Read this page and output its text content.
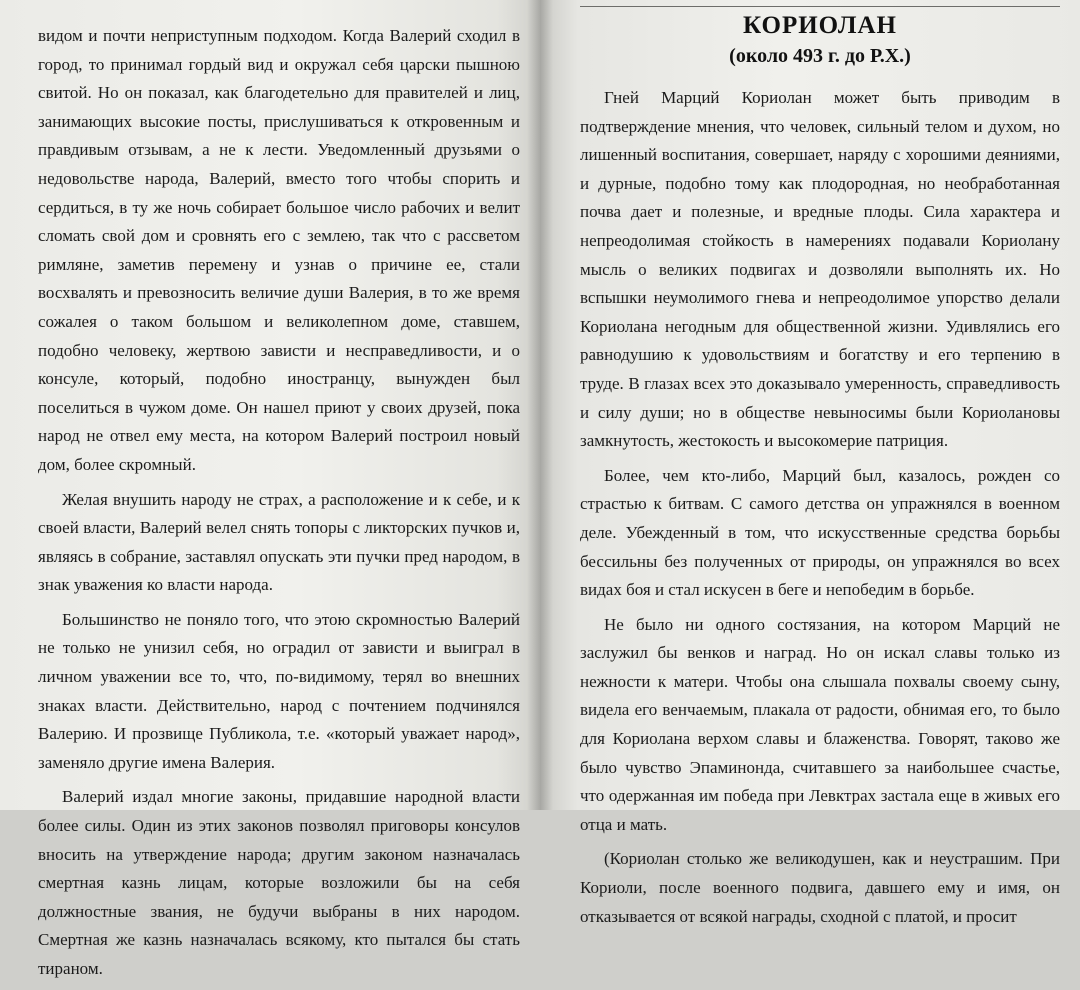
видом и почти неприступным подходом. Когда Валерий сходил в город, то принимал гордый вид и окружал себя царски пышною свитой. Но он показал, как благодетельно для правителей и лиц, занимающих высокие посты, прислушиваться к откровенным и правдивым отзывам, а не к лести. Уведомленный друзьями о недовольстве народа, Валерий, вместо того чтобы спорить и сердиться, в ту же ночь собирает большое число рабочих и велит сломать свой дом и сровнять его с землею, так что с рассветом римляне, заметив перемену и узнав о причине ее, стали восхвалять и превозносить величие души Валерия, в то же время сожалея о таком большом и великолепном доме, ставшем, подобно человеку, жертвою зависти и несправедливости, и о консуле, который, подобно иностранцу, вынужден был поселиться в чужом доме. Он нашел приют у своих друзей, пока народ не отвел ему места, на котором Валерий построил новый дом, более скромный.

Желая внушить народу не страх, а расположение и к себе, и к своей власти, Валерий велел снять топоры с ликторских пучков и, являясь в собрание, заставлял опускать эти пучки пред народом, в знак уважения ко власти народа.

Большинство не поняло того, что этою скромностью Валерий не только не унизил себя, но оградил от зависти и выиграл в личном уважении все то, что, по-видимому, терял во внешних знаках власти. Действительно, народ с почтением подчинялся Валерию. И прозвище Публикола, т.е. «который уважает народ», заменяло другие имена Валерия.

Валерий издал многие законы, придавшие народной власти более силы. Один из этих законов позволял приговоры консулов вносить на утверждение народа; другим законом назначалась смертная казнь лицам, которые возложили бы на себя должностные звания, не будучи выбраны в них народом. Смертная же казнь назначалась всякому, кто пытался бы стать тираном.

КОРИОЛАН
(около 493 г. до Р.Х.)

Гней Марций Кориолан может быть приводим в подтверждение мнения, что человек, сильный телом и духом, но лишенный воспитания, совершает, наряду с хорошими деяниями, и дурные, подобно тому как плодородная, но необработанная почва дает и полезные, и вредные плоды. Сила характера и непреодолимая стойкость в намерениях подавали Кориолану мысль о великих подвигах и дозволяли выполнять их. Но вспышки неумолимого гнева и непреодолимое упорство делали Кориолана негодным для общественной жизни. Удивлялись его равнодушию к удовольствиям и богатству и его терпению в труде. В глазах всех это доказывало умеренность, справедливость и силу души; но в обществе невыносимы были Кориолановы замкнутость, жестокость и высокомерие патриция.

Более, чем кто-либо, Марций был, казалось, рожден со страстью к битвам. С самого детства он упражнялся в военном деле. Убежденный в том, что искусственные средства борьбы бессильны без полученных от природы, он упражнялся во всех видах боя и стал искусен в беге и непобедим в борьбе.

Не было ни одного состязания, на котором Марций не заслужил бы венков и наград. Но он искал славы только из нежности к матери. Чтобы она слышала похвалы своему сыну, видела его венчаемым, плакала от радости, обнимая его, то было для Кориолана верхом славы и блаженства. Говорят, таково же было чувство Эпаминонда, считавшего за наибольшее счастье, что одержанная им победа при Левктрах застала еще в живых его отца и мать.

(Кориолан столько же великодушен, как и неустрашим. При Кориоли, после военного подвига, давшего ему и имя, он отказывается от всякой награды, сходной с платой, и просит
